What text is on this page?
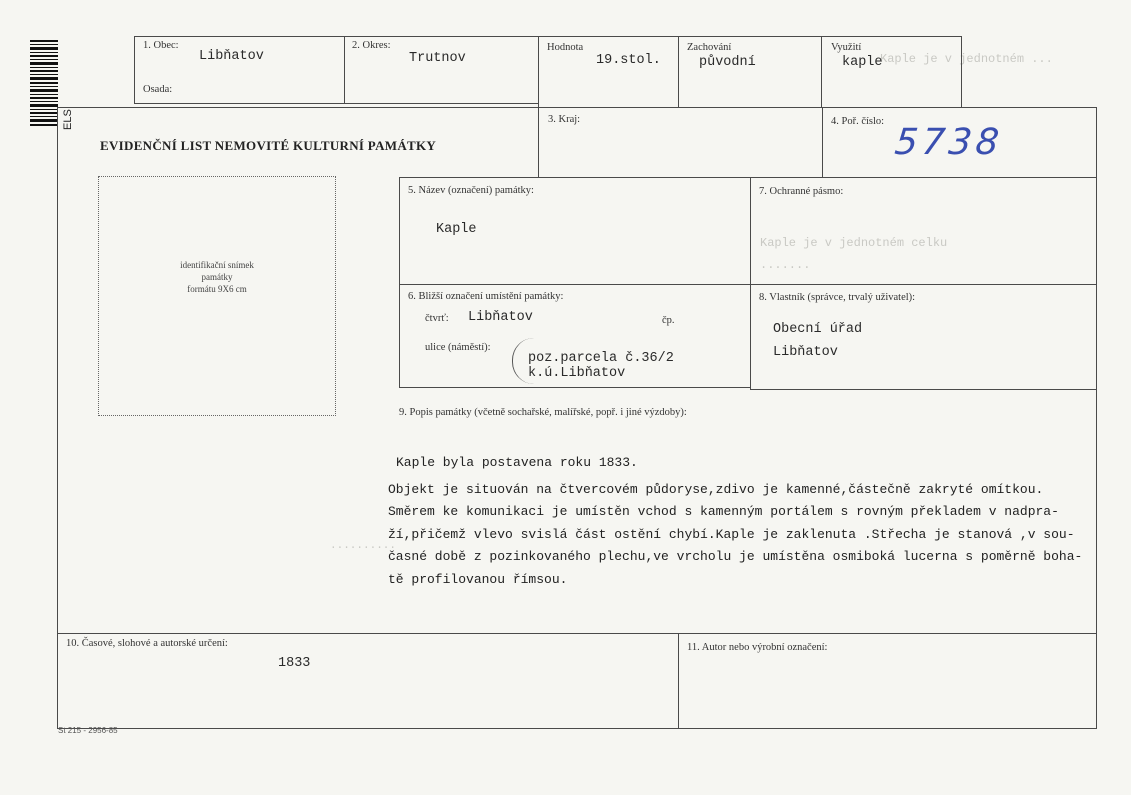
Kaple je v jednotném ...
Kaple je v jednotném celku
.......
..........
ELS
1. Obec:
Libňatov
Osada:
2. Okres:
Trutnov
Hodnota
19.stol.
Zachování
původní
Využití
kaple
EVIDENČNÍ LIST NEMOVITÉ KULTURNÍ PAMÁTKY
3. Kraj:	4. Poř. číslo:
5738
identifikační snímek
památky
formátu 9X6 cm
5. Název (označení) památky:
Kaple
7. Ochranné pásmo:
6. Bližší označení umístění památky:
čtvrť: Libňatov	čp.
ulice (náměstí):
poz.parcela č.36/2
k.ú.Libňatov
8. Vlastník (správce, trvalý uživatel):
Obecní úřad
Libňatov
9. Popis památky (včetně sochařské, malířské, popř. i jiné výzdoby):
Kaple byla postavena roku 1833.
Objekt je situován na čtvercovém půdoryse,zdivo je kamenné,částečně zakryté omítkou.
Směrem ke komunikaci je umístěn vchod s kamenným portálem s rovným překladem v nadpra-
ží,přičemž vlevo svislá část ostění chybí.Kaple je zaklenuta .Střecha je stanová ,v sou-
časné době z pozinkovaného plechu,ve vrcholu je umístěna osmiboká lucerna s poměrně boha-
tě profilovanou římsou.
10. Časové, slohové a autorské určení:
1833
11. Autor nebo výrobní označení:
St 215 - 2956-85
